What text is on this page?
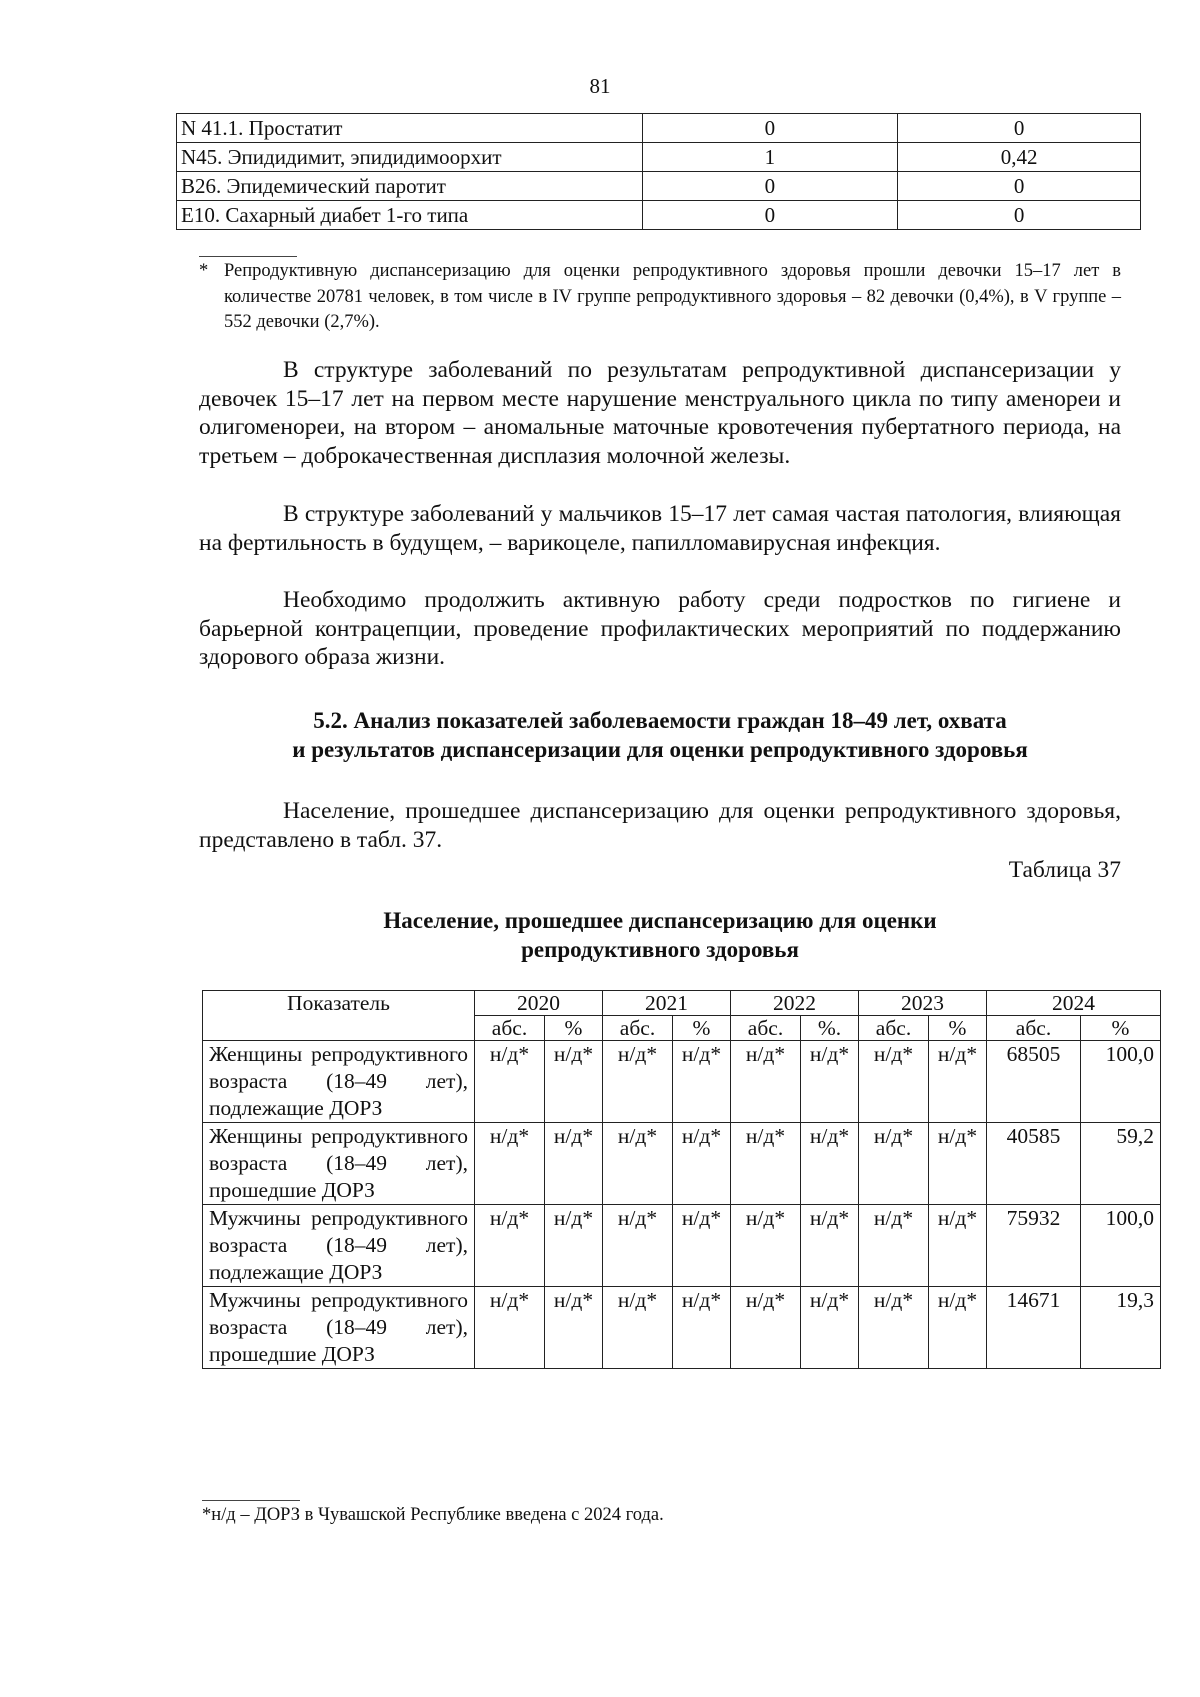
81
N 41.1. Простатит	0	0
N45. Эпидидимит, эпидидимоорхит	1	0,42
B26. Эпидемический паротит	0	0
E10. Сахарный диабет 1-го типа	0	0
* Репродуктивную диспансеризацию для оценки репродуктивного здоровья прошли девочки 15–17 лет в количестве 20781 человек, в том числе в IV группе репродуктивного здоровья – 82 девочки (0,4%), в V группе – 552 девочки (2,7%).
В структуре заболеваний по результатам репродуктивной диспансеризации у девочек 15–17 лет на первом месте нарушение менструального цикла по типу аменореи и олигоменореи, на втором – аномальные маточные кровотечения пубертатного периода, на третьем – доброкачественная дисплазия молочной железы.
В структуре заболеваний у мальчиков 15–17 лет самая частая патология, влияющая на фертильность в будущем, – варикоцеле, папилломавирусная инфекция.
Необходимо продолжить активную работу среди подростков по гигиене и барьерной контрацепции, проведение профилактических мероприятий по поддержанию здорового образа жизни.
5.2. Анализ показателей заболеваемости граждан 18–49 лет, охвата
и результатов диспансеризации для оценки репродуктивного здоровья
Население, прошедшее диспансеризацию для оценки репродуктивного здоровья, представлено в табл. 37.
Таблица 37
Население, прошедшее диспансеризацию для оценки
репродуктивного здоровья
Показатель	2020		2021		2022		2023		2024	
	абс.	%	абс.	%	абс.	%.	абс.	%	абс.	%
Женщины репродуктивного возраста (18–49 лет), подлежащие ДОРЗ	н/д*	н/д*	н/д*	н/д*	н/д*	н/д*	н/д*	н/д*	68505	100,0
Женщины репродуктивного возраста (18–49 лет), прошедшие ДОРЗ	н/д*	н/д*	н/д*	н/д*	н/д*	н/д*	н/д*	н/д*	40585	59,2
Мужчины репродуктивного возраста (18–49 лет), подлежащие ДОРЗ	н/д*	н/д*	н/д*	н/д*	н/д*	н/д*	н/д*	н/д*	75932	100,0
Мужчины репродуктивного возраста (18–49 лет), прошедшие ДОРЗ	н/д*	н/д*	н/д*	н/д*	н/д*	н/д*	н/д*	н/д*	14671	19,3
*н/д – ДОРЗ в Чувашской Республике введена с 2024 года.
